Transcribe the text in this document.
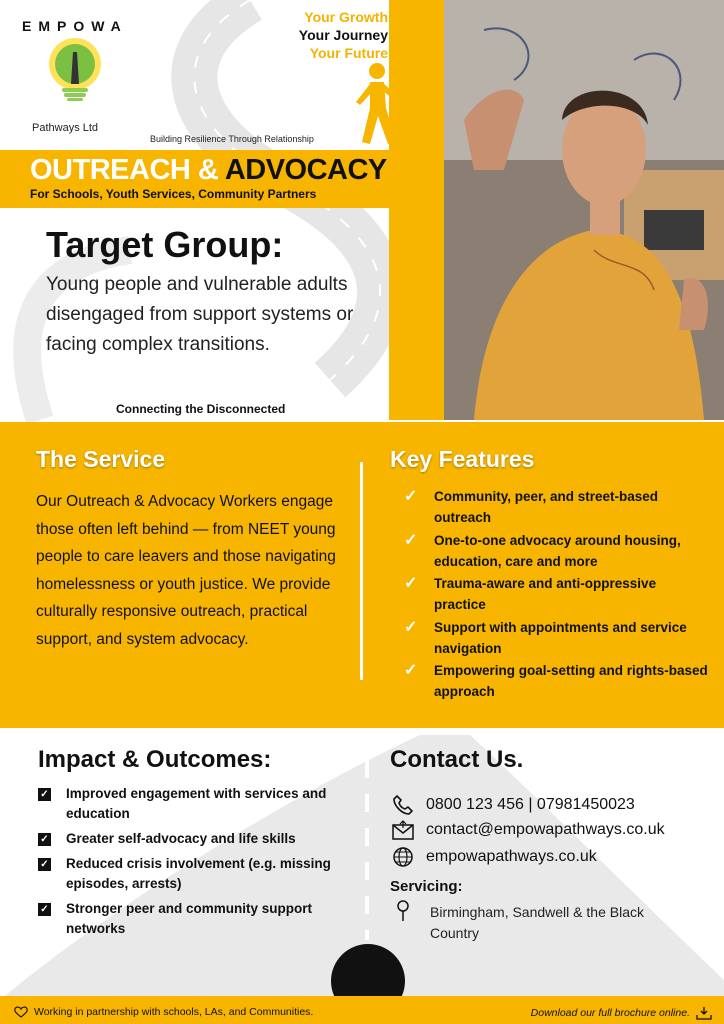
EMPOWA
Pathways Ltd
Your Growth
Your Journey
Your Future
Building Resilience Through Relationship
OUTREACH & ADVOCACY
For Schools, Youth Services, Community Partners
Target Group:
Young people and vulnerable adults disengaged from support systems or facing complex transitions.
Connecting the Disconnected
The Service
Our Outreach & Advocacy Workers engage those often left behind — from NEET young people to care leavers and those navigating homelessness or youth justice. We provide culturally responsive outreach, practical support, and system advocacy.
Key Features
✓ Community, peer, and street-based outreach
✓ One-to-one advocacy around housing, education, care and more
✓ Trauma-aware and anti-oppressive practice
✓ Support with appointments and service navigation
✓ Empowering goal-setting and rights-based approach
Impact & Outcomes:
✓ Improved engagement with services and education
✓ Greater self-advocacy and life skills
✓ Reduced crisis involvement (e.g. missing episodes, arrests)
✓ Stronger peer and community support networks
Contact Us.
0800 123 456 | 07981450023
contact@empowapathways.co.uk
empowapathways.co.uk
Servicing:
Birmingham, Sandwell & the Black Country
Working in partnership with schools, LAs, and Communities.	Download our full brochure online.
